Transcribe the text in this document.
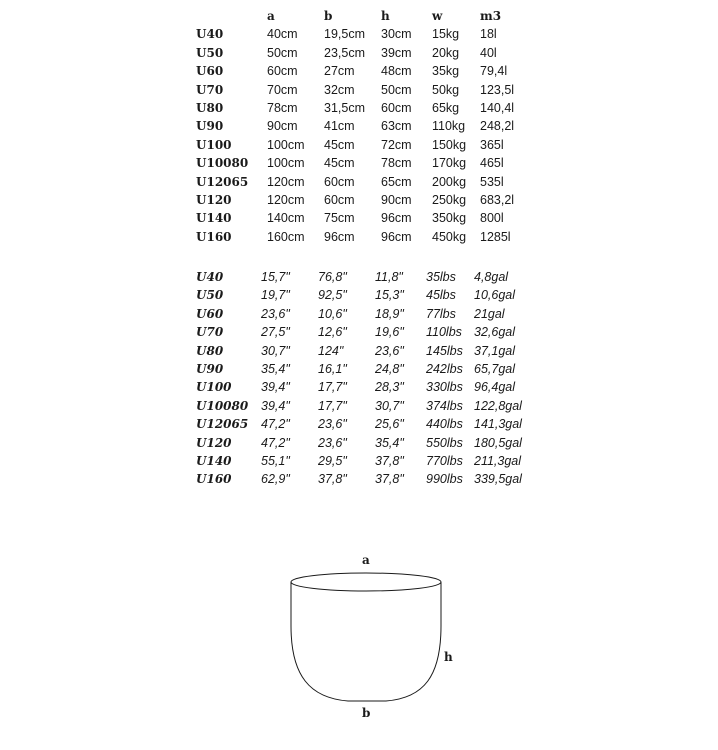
	a	b	h	w	m3
U40	40cm	19,5cm	30cm	15kg	18l
U50	50cm	23,5cm	39cm	20kg	40l
U60	60cm	27cm	48cm	35kg	79,4l
U70	70cm	32cm	50cm	50kg	123,5l
U80	78cm	31,5cm	60cm	65kg	140,4l
U90	90cm	41cm	63cm	110kg	248,2l
U100	100cm	45cm	72cm	150kg	365l
U10080	100cm	45cm	78cm	170kg	465l
U12065	120cm	60cm	65cm	200kg	535l
U120	120cm	60cm	90cm	250kg	683,2l
U140	140cm	75cm	96cm	350kg	800l
U160	160cm	96cm	96cm	450kg	1285l
U40	15,7"	76,8"	11,8"	35lbs	4,8gal
U50	19,7"	92,5"	15,3"	45lbs	10,6gal
U60	23,6"	10,6"	18,9"	77lbs	21gal
U70	27,5"	12,6"	19,6"	110lbs	32,6gal
U80	30,7"	124"	23,6"	145lbs	37,1gal
U90	35,4"	16,1"	24,8"	242lbs	65,7gal
U100	39,4"	17,7"	28,3"	330lbs	96,4gal
U10080	39,4"	17,7"	30,7"	374lbs	122,8gal
U12065	47,2"	23,6"	25,6"	440lbs	141,3gal
U120	47,2"	23,6"	35,4"	550lbs	180,5gal
U140	55,1"	29,5"	37,8"	770lbs	211,3gal
U160	62,9"	37,8"	37,8"	990lbs	339,5gal
a
h
b
